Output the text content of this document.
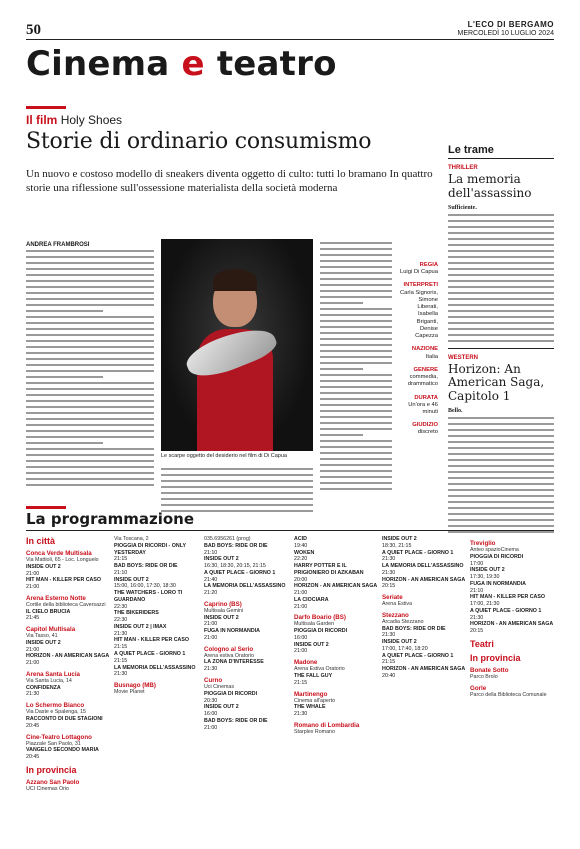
50	L'ECO DI BERGAMO
MERCOLEDÌ 10 LUGLIO 2024
Cinema e teatro
Il film Holy Shoes
Storie di ordinario consumismo

Un nuovo e costoso modello di sneakers diventa oggetto di culto: tutti lo bramano In quattro storie una riflessione sull'ossessione materialista della società moderna

ANDREA FRAMBROSI
Le scarpe oggetto del desiderio nel film di Di Capua
REGIA
Luigi Di Capua
INTERPRETI
Carla Signoris, Simone Liberati, Isabella Briganti, Denise Capezza
NAZIONE
Italia
GENERE
commedia, drammatico
DURATA
Un'ora e 46 minuti
GIUDIZIO
discreto
Le trame
THRILLER
La memoria dell'assassino
Sufficiente.
WESTERN
Horizon: An American Saga, Capitolo 1
Bello.
La programmazione
In città
Conca Verde Multisala
Via Mattioli, 65 - Loc. Longuelo
INSIDE OUT 2
21:00
HIT MAN - KILLER PER CASO
21:00
Arena Esterno Notte
Cortile della biblioteca Caversazzi
IL CIELO BRUCIA
21:45
Capitol Multisala
Via Tasso, 41
INSIDE OUT 2
21:00
HORIZON - AN AMERICAN SAGA
21:00
Arena Santa Lucia
Via Santa Lucia, 14
CONFIDENZA
21:30
Lo Schermo Bianco
Via Daste e Spalenga, 15
RACCONTO DI DUE STAGIONI
20:45
Cine-Teatro Lottagono
Piazzale San Paolo, 31
VANGELO SECONDO MARIA
20:45
In provincia
Azzano San Paolo
UCI Cinemas Orio
Via Toscana, 2
PIOGGIA DI RICORDI - ONLY YESTERDAY
21:15
BAD BOYS: RIDE OR DIE
21:10
INSIDE OUT 2
15:00, 16:00, 17:30, 18:30
THE WATCHERS - LORO TI GUARDANO
22:30
THE BIKERIDERS
22:30
INSIDE OUT 2 | IMAX
21:30
HIT MAN - KILLER PER CASO
21:15
A QUIET PLACE - GIORNO 1
21:15
LA MEMORIA DELL'ASSASSINO
21:30
Busnago (MB)
Movie Planet
035.6956261 (prog)
BAD BOYS: RIDE OR DIE
21:10
INSIDE OUT 2
16:30, 18:30, 20:15, 21:15
A QUIET PLACE - GIORNO 1
21:40
LA MEMORIA DELL'ASSASSINO
21:20
Caprino (BS)
Multisala Gemini
INSIDE OUT 2
21:00
FUGA IN NORMANDIA
21:00
Cologno al Serio
Arena estiva Oratorio
LA ZONA D'INTERESSE
21:30
Curno
Uci Cinemas
PIOGGIA DI RICORDI
20:30
INSIDE OUT 2
16:00
BAD BOYS: RIDE OR DIE
21:00
ACID
19:40
WOKEN
22:20
HARRY POTTER E IL PRIGIONIERO DI AZKABAN
20:00
HORIZON - AN AMERICAN SAGA
21:00
LA CIOCIARA
21:00
Darfo Boario (BS)
Multisala Garden
PIOGGIA DI RICORDI
16:00
INSIDE OUT 2
21:00
Madone
Arena Estiva Oratorio
THE FALL GUY
21:15
Martinengo
Cinema all'aperto
THE WHALE
21:30
Romano di Lombardia
Starplex Romano
INSIDE OUT 2
18:30, 21:15
A QUIET PLACE - GIORNO 1
21:30
LA MEMORIA DELL'ASSASSINO
21:30
HORIZON - AN AMERICAN SAGA
20:15
Seriate
Arena Estiva
Stezzano
Arcadia Stezzano
BAD BOYS: RIDE OR DIE
21:30
INSIDE OUT 2
17:00, 17:40, 18:20
A QUIET PLACE - GIORNO 1
21:15
HORIZON - AN AMERICAN SAGA
20:40
Treviglio
Anteo spazioCinema
PIOGGIA DI RICORDI
17:00
INSIDE OUT 2
17:30, 19:30
FUGA IN NORMANDIA
21:10
HIT MAN - KILLER PER CASO
17:00, 21:30
A QUIET PLACE - GIORNO 1
21:30
HORIZON - AN AMERICAN SAGA
20:15
Teatri
In provincia
Bonate Sotto
Parco Brolo
Gorle
Parco della Biblioteca Comunale
